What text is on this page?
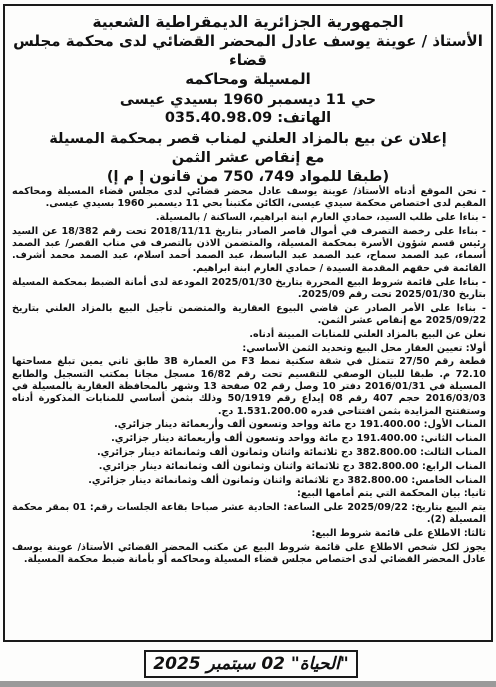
الجمهورية الجزائرية الديمقراطية الشعبية
الأستاذ / عوينة يوسف عادل المحضر القضائي لدى محكمة مجلس قضاء
المسيلة ومحاكمه
حي 11 ديسمبر 1960 بسيدي عيسى
الهاتف: 035.40.98.09
إعلان عن بيع بالمزاد العلني لمناب قصر بمحكمة المسيلة
مع إنقاص عشر الثمن
(طبقا للمواد 749، 750 من قانون إ م إ)

- نحن الموقع أدناه الأستاذ/ عوينة يوسف عادل محضر قضائي لدى مجلس قضاء المسيلة ومحاكمه المقيم لدى اختصاص محكمة سيدي عيسى، الكائن مكتبنا بحي 11 ديسمبر 1960 بسيدي عيسى.

- بناءا على طلب السيد، حمادي العارم ابنة ابراهيم، الساكنة / بالمسيلة.

- بناءا على رخصة التصرف في أموال قاصر الصادر بتاريخ 2018/11/11 تحت رقم 18/382 عن السيد رئيس قسم شؤون الأسرة بمحكمة المسيلة، والمتضمن الاذن بالتصرف في مناب القصر/ عبد الصمد أسماء، عبد الصمد سماح، عبد الصمد عبد الباسط، عبد الصمد أحمد اسلام، عبد الصمد محمد أشرف. القائمة في حقهم المقدمة السيدة / حمادي العارم ابنة ابراهيم.

- بناءا على قائمة شروط البيع المحررة بتاريخ 2025/01/30 المودعة لدى أمانة الضبط بمحكمة المسيلة بتاريخ 2025/01/30 تحت رقم 2025/09.

- بناءا على الأمر الصادر عن قاضي البيوع العقارية والمتضمن تأجيل البيع بالمزاد العلني بتاريخ 2025/09/22 مع إنقاص عشر الثمن.

نعلن عن البيع بالمزاد العلني للمنابات المبينة أدناه.

أولا: تعيين العقار محل البيع وتحديد الثمن الأساسي:

قطعة رقم 27/50 تتمثل في شقة سكنية نمط F3 من العمارة 3B طابق ثاني يمين تبلغ مساحتها 72.10 م. طبقا للبيان الوصفي للتقسيم تحت رقم 16/82 مسجل مجانا بمكتب التسجيل والطابع المسيلة في 2016/01/31 دفتر 10 وصل رقم 02 صفحة 13 وشهر بالمحافظة العقارية بالمسيلة في 2016/03/03 حجم 407 رقم 08 إيداع رقم 50/1919 وذلك بثمن أساسي للمنابات المذكورة أدناه وستفتتح المزايدة بثمن افتتاحي قدره 1.531.200.00 دج.

المناب الأول: 191.400.00 دج مائة وواحد وتسعون ألف وأربعمائة دينار جزائري.

المناب الثاني: 191.400.00 دج مائة وواحد وتسعون ألف وأربعمائة دينار جزائري.

المناب الثالث: 382.800.00 دج ثلاثمائة واثنان وثمانون ألف وثمانمائة دينار جزائري.

المناب الرابع: 382.800.00 دج ثلاثمائة واثنان وثمانون ألف وثمانمائة دينار جزائري.

المناب الخامس: 382.800.00 دج ثلاثمائة واثنان وثمانون ألف وثمانمائة دينار جزائري.

ثانيا: بيان المحكمة التي يتم أمامها البيع:

يتم البيع بتاريخ: 2025/09/22 على الساعة: الحادية عشر صباحا بقاعة الجلسات رقم: 01 بمقر محكمة المسيلة (2).

ثالثا: الاطلاع على قائمة شروط البيع:

يجوز لكل شخص الاطلاع على قائمة شروط البيع عن مكتب المحضر القضائي الأستاذ/ عوينة يوسف عادل المحضر القضائي لدى اختصاص مجلس قضاء المسيلة ومحاكمه أو بأمانة ضبط محكمة المسيلة.

"الحياة" 02 سبتمبر 2025
